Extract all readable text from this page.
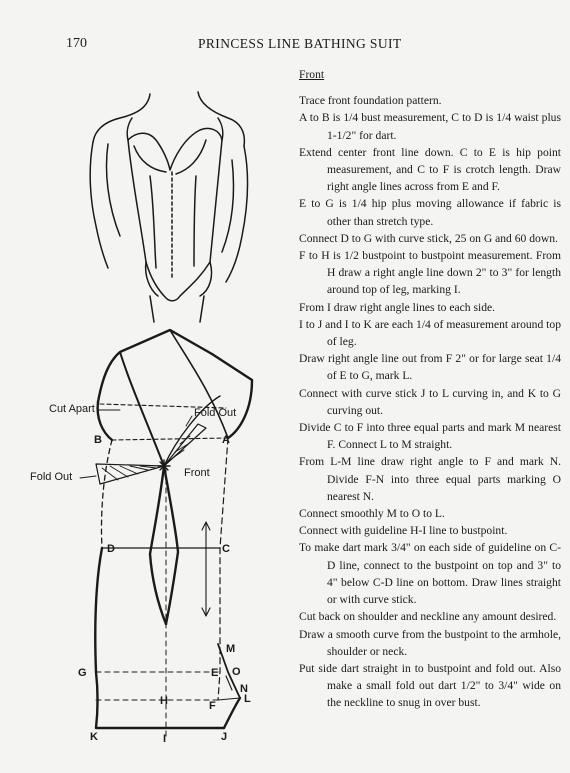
170	PRINCESS LINE BATHING SUIT
Cut Apart	Fold Out
Fold Out	Front
B	A
D	C
G	E
H	F
M
O
N
L
K	I	J
Front

Trace front foundation pattern.

A to B is 1/4 bust measurement, C to D is 1/4 waist plus 1-1/2" for dart.

Extend center front line down. C to E is hip point measurement, and C to F is crotch length. Draw right angle lines across from E and F.

E to G is 1/4 hip plus moving allowance if fabric is other than stretch type.

Connect D to G with curve stick, 25 on G and 60 down.

F to H is 1/2 bustpoint to bustpoint measurement. From H draw a right angle line down 2" to 3" for length around top of leg, marking I.

From I draw right angle lines to each side.

I to J and I to K are each 1/4 of measurement around top of leg.

Draw right angle line out from F 2" or for large seat 1/4 of E to G, mark L.

Connect with curve stick J to L curving in, and K to G curving out.

Divide C to F into three equal parts and mark M nearest F. Connect L to M straight.

From L-M line draw right angle to F and mark N. Divide F-N into three equal parts marking O nearest N.

Connect smoothly M to O to L.

Connect with guideline H-I line to bustpoint.

To make dart mark 3/4" on each side of guideline on C-D line, connect to the bustpoint on top and 3" to 4" below C-D line on bottom. Draw lines straight or with curve stick.

Cut back on shoulder and neckline any amount desired.

Draw a smooth curve from the bustpoint to the armhole, shoulder or neck.

Put side dart straight in to bustpoint and fold out. Also make a small fold out dart 1/2" to 3/4" wide on the neckline to snug in over bust.
